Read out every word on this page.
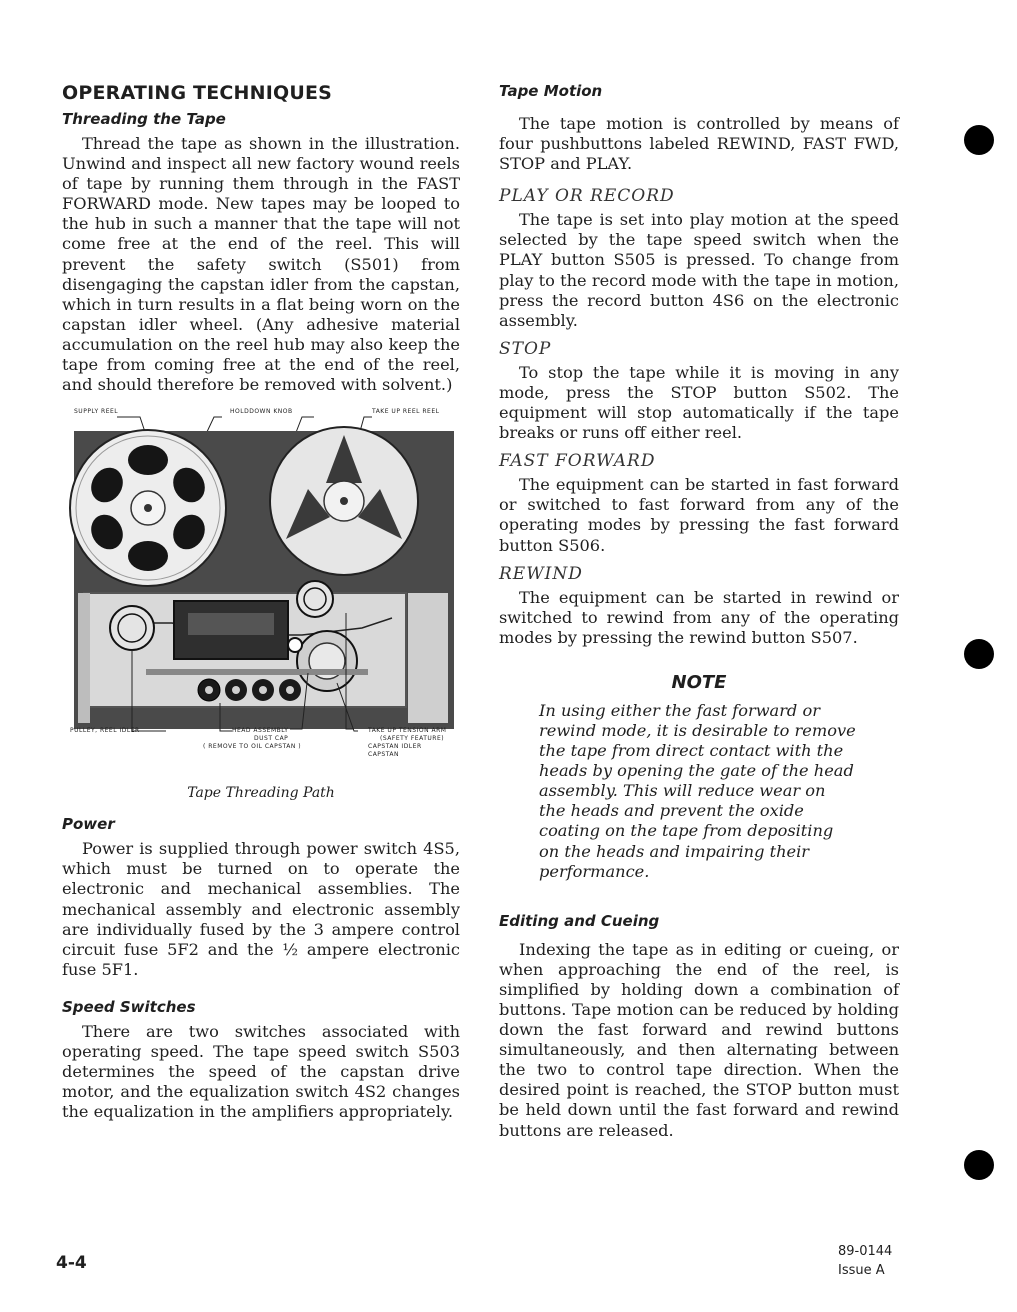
OPERATING TECHNIQUES
Threading the Tape

Thread the tape as shown in the illustration. Unwind and inspect all new factory wound reels of tape by running them through in the FAST FORWARD mode. New tapes may be looped to the hub in such a manner that the tape will not come free at the end of the reel. This will prevent the safety switch (S501) from disengaging the capstan idler from the capstan, which in turn results in a flat being worn on the capstan idler wheel. (Any adhesive material accumulation on the reel hub may also keep the tape from coming free at the end of the reel, and should therefore be removed with solvent.)

SUPPLY REEL	HOLDDOWN KNOB	TAKE UP REEL REEL
PULLEY, REEL IDLER	HEAD ASSEMBLY
DUST CAP
( REMOVE TO OIL CAPSTAN )
TAKE UP TENSION ARM
(SAFETY FEATURE)
CAPSTAN IDLER
CAPSTAN
Tape Threading Path
Power

Power is supplied through power switch 4S5, which must be turned on to operate the electronic and mechanical assemblies. The mechanical assembly and electronic assembly are individually fused by the 3 ampere control circuit fuse 5F2 and the ½ ampere electronic fuse 5F1.

Speed Switches

There are two switches associated with operating speed. The tape speed switch S503 determines the speed of the capstan drive motor, and the equalization switch 4S2 changes the equalization in the amplifiers appropriately.

Tape Motion

The tape motion is controlled by means of four pushbuttons labeled REWIND, FAST FWD, STOP and PLAY.

PLAY OR RECORD

The tape is set into play motion at the speed selected by the tape speed switch when the PLAY button S505 is pressed. To change from play to the record mode with the tape in motion, press the record button 4S6 on the electronic assembly.

STOP

To stop the tape while it is moving in any mode, press the STOP button S502. The equipment will stop automatically if the tape breaks or runs off either reel.

FAST FORWARD

The equipment can be started in fast forward or switched to fast forward from any of the operating modes by pressing the fast forward button S506.

REWIND

The equipment can be started in rewind or switched to rewind from any of the operating modes by pressing the rewind button S507.

NOTE

In using either the fast forward or rewind mode, it is desirable to remove the tape from direct contact with the heads by opening the gate of the head assembly. This will reduce wear on the heads and prevent the oxide coating on the tape from depositing on the heads and impairing their performance.

Editing and Cueing

Indexing the tape as in editing or cueing, or when approaching the end of the reel, is simplified by holding down a combination of buttons. Tape motion can be reduced by holding down the fast forward and rewind buttons simultaneously, and then alternating between the two to control tape direction. When the desired point is reached, the STOP button must be held down until the fast forward and rewind buttons are released.

4-4
89-0144
Issue A
